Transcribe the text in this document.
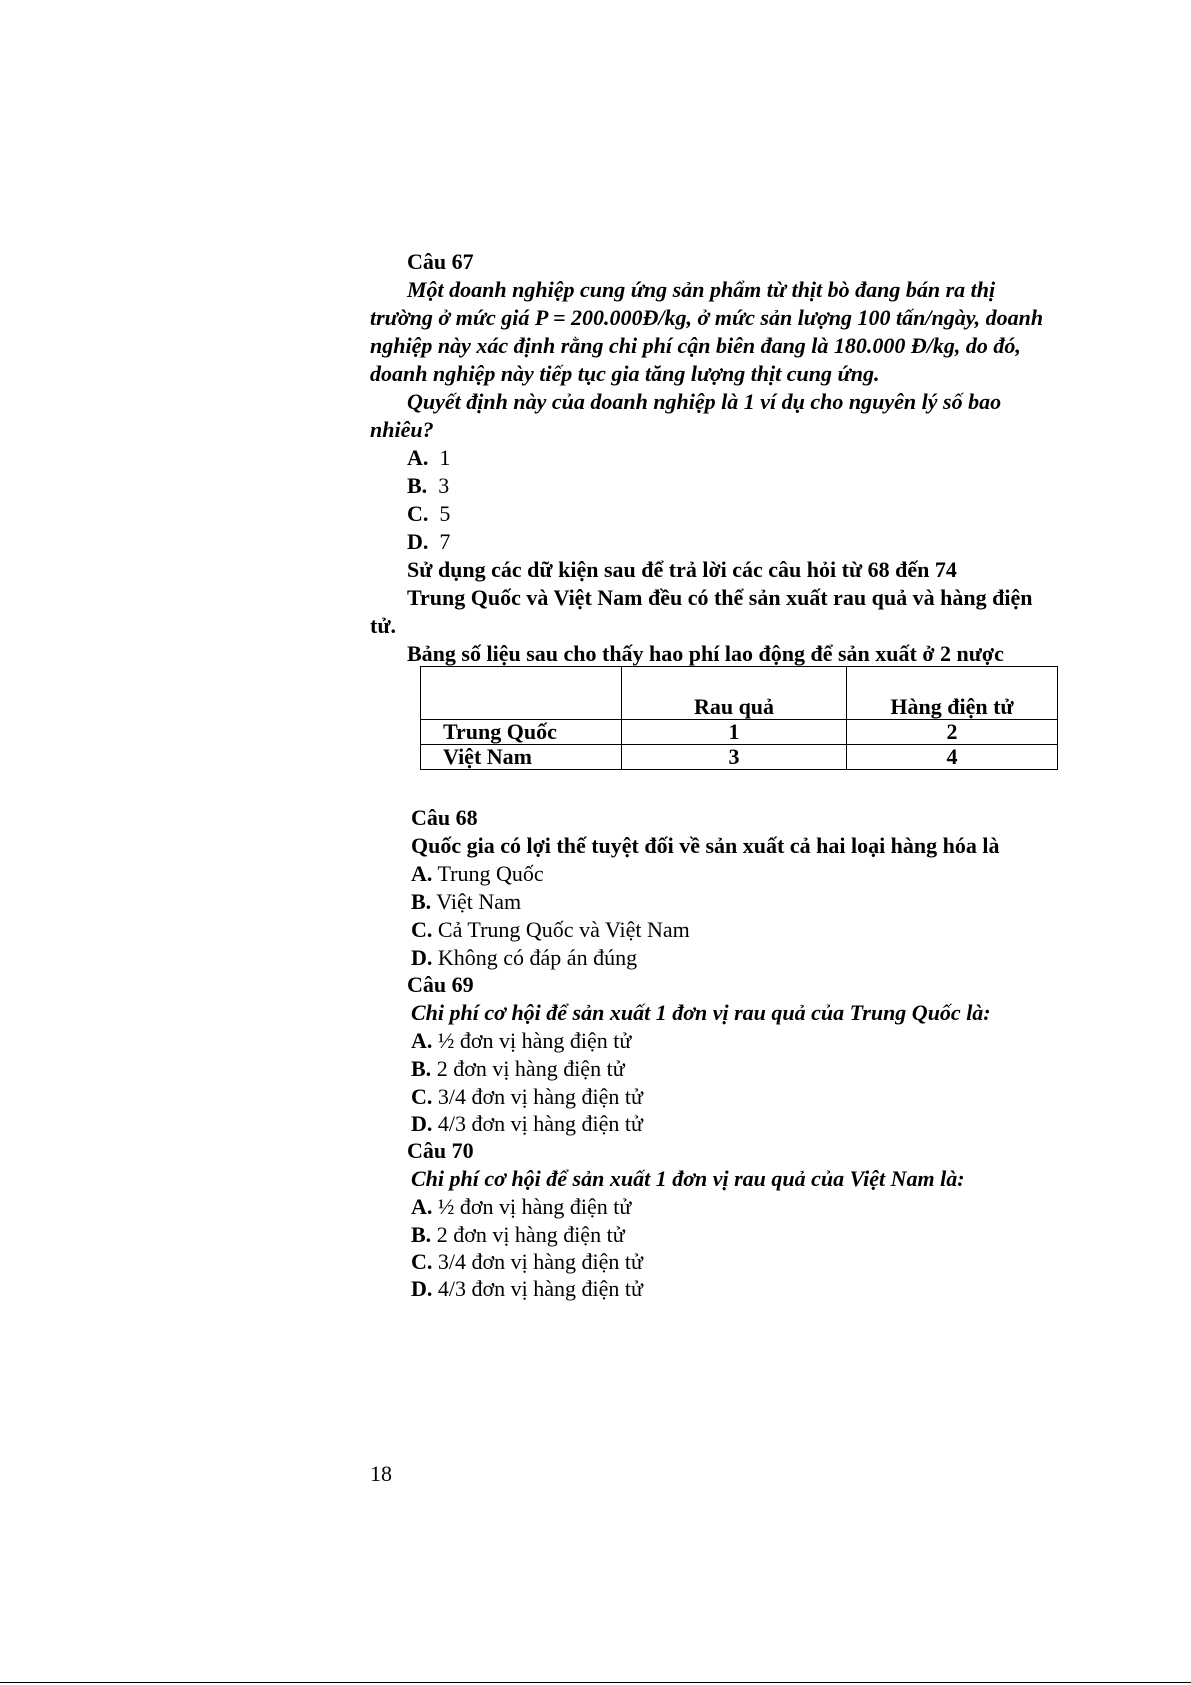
Câu 67
Một doanh nghiệp cung ứng sản phẩm từ thịt bò đang bán ra thị
trường ở mức giá P = 200.000Đ/kg, ở mức sản lượng 100 tấn/ngày, doanh
nghiệp này xác định rằng chi phí cận biên đang là 180.000 Đ/kg, do đó,
doanh nghiệp này tiếp tục gia tăng lượng thịt cung ứng.
Quyết định này của doanh nghiệp là 1 ví dụ cho nguyên lý số bao
nhiêu?
A. 1
B. 3
C. 5
D. 7
Sử dụng các dữ kiện sau để trả lời các câu hỏi từ 68 đến 74
Trung Quốc và Việt Nam đều có thể sản xuất rau quả và hàng điện
tử.
Bảng số liệu sau cho thấy hao phí lao động để sản xuất ở 2 nược
	Rau quả	Hàng điện tử
Trung Quốc	1	2
Việt Nam	3	4
Câu 68
Quốc gia có lợi thế tuyệt đối về sản xuất cả hai loại hàng hóa là
A. Trung Quốc
B. Việt Nam
C. Cả Trung Quốc và Việt Nam
D. Không có đáp án đúng
Câu 69
Chi phí cơ hội để sản xuất 1 đơn vị rau quả của Trung Quốc là:
A. ½ đơn vị hàng điện tử
B. 2 đơn vị hàng điện tử
C. 3/4 đơn vị hàng điện tử
D. 4/3 đơn vị hàng điện tử
Câu 70
Chi phí cơ hội để sản xuất 1 đơn vị rau quả của Việt Nam là:
A. ½ đơn vị hàng điện tử
B. 2 đơn vị hàng điện tử
C. 3/4 đơn vị hàng điện tử
D. 4/3 đơn vị hàng điện tử
18
